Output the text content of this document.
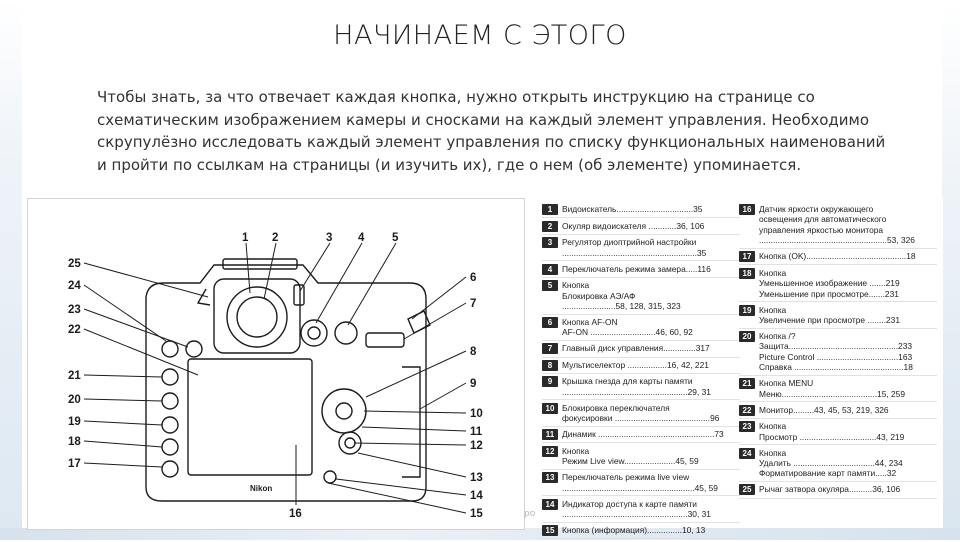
НАЧИНАЕМ С ЭТОГО
Чтобы знать, за что отвечает каждая кнопка, нужно открыть инструкцию на странице со схематическим изображением камеры и сносками на каждый элемент управления. Необходимо скрупулёзно исследовать каждый элемент управления по списку функциональных наименований и пройти по ссылкам на страницы (и изучить их), где о нем (об элементе) упоминается.
Nikon
1 2	3 4 5
6
7
8
9
10
11
12
13
14
15
16
17
18
19
20
21
22
23
24
25
1	Видоискатель.................................35
2	Окуляр видоискателя ............36, 106
3	Регулятор диоптрийной настройки
..........................................................35
4	Переключатель режима замера.....116
5	Кнопка
Блокировка АЭ/АФ
.......................58, 128, 315, 323
6	Кнопка AF-ON
AF-ON ............................46, 60, 92
7	Главный диск управления..............317
8	Мультиселектор .................16, 42, 221
9	Крышка гнезда для карты памяти
......................................................29, 31
10 Блокировка переключателя
фокусировки .........................................96
11 Динамик ..................................................73
12 Кнопка
Режим Live view......................45, 59
13 Переключатель режима live view
.........................................................45, 59
14 Индикатор доступа к карте памяти
......................................................30, 31
15 Кнопка (информация)...............10, 13
16 Датчик яркости окружающего
освещения для автоматического
управления яркостью монитора
.......................................................53, 326
17 Кнопка (OK)...........................................18
18 Кнопка
Уменьшенное изображение .......219
Уменьшение при просмотре.......231
19 Кнопка
Увеличение при просмотре ........231
20 Кнопка /?
Защита...............................................233
Picture Control ...................................163
Справка ...............................................18
21 Кнопка MENU
Меню.........................................15, 259
22 Монитор.........43, 45, 53, 219, 326
23 Кнопка
Просмотр .................................43, 219
24 Кнопка
Удалить ...................................44, 234
Форматирование карт памяти.....32
25 Рычаг затвора окуляра..........36, 106
ро
